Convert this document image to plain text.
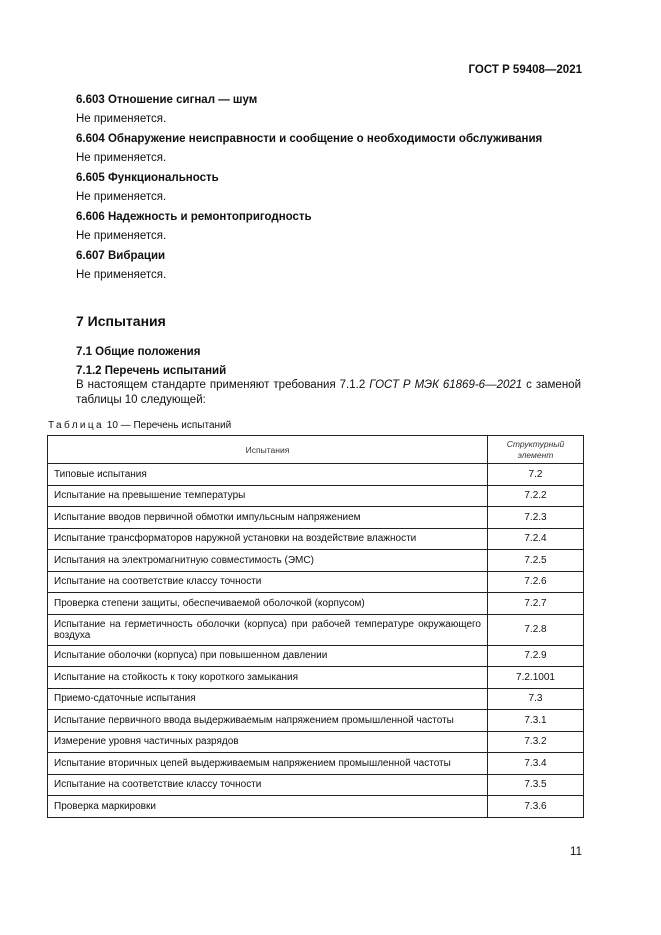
ГОСТ Р 59408—2021
6.603 Отношение сигнал — шум
Не применяется.
6.604 Обнаружение неисправности и сообщение о необходимости обслуживания
Не применяется.
6.605 Функциональность
Не применяется.
6.606 Надежность и ремонтопригодность
Не применяется.
6.607 Вибрации
Не применяется.
7 Испытания
7.1 Общие положения
7.1.2 Перечень испытаний
В настоящем стандарте применяют требования 7.1.2 ГОСТ Р МЭК 61869-6—2021 с заменой таблицы 10 следующей:
Таблица 10 — Перечень испытаний
Испытания	Структурный элемент
Типовые испытания	7.2
Испытание на превышение температуры	7.2.2
Испытание вводов первичной обмотки импульсным напряжением	7.2.3
Испытание трансформаторов наружной установки на воздействие влажности	7.2.4
Испытания на электромагнитную совместимость (ЭМС)	7.2.5
Испытание на соответствие классу точности	7.2.6
Проверка степени защиты, обеспечиваемой оболочкой (корпусом)	7.2.7
Испытание на герметичность оболочки (корпуса) при рабочей температуре окружающего воздуха	7.2.8
Испытание оболочки (корпуса) при повышенном давлении	7.2.9
Испытание на стойкость к току короткого замыкания	7.2.1001
Приемо-сдаточные испытания	7.3
Испытание первичного ввода выдерживаемым напряжением промышленной частоты	7.3.1
Измерение уровня частичных разрядов	7.3.2
Испытание вторичных цепей выдерживаемым напряжением промышленной частоты	7.3.4
Испытание на соответствие классу точности	7.3.5
Проверка маркировки	7.3.6
11
